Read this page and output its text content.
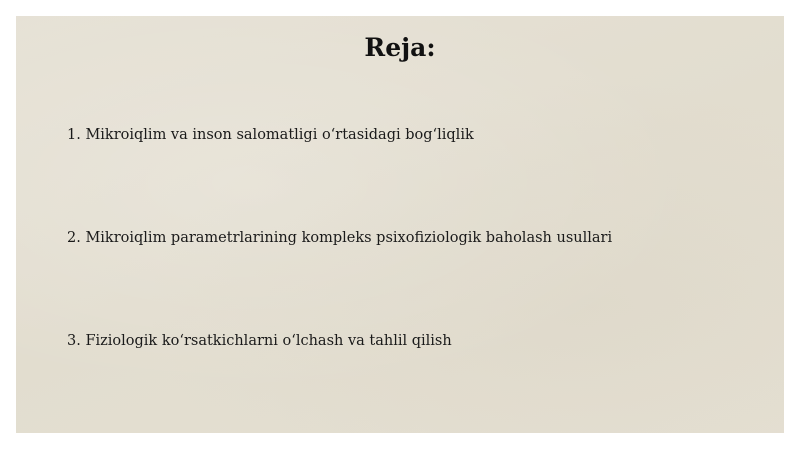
Reja:

1. Mikroiqlim va inson salomatligi o‘rtasidagi bog‘liqlik

2. Mikroiqlim parametrlarining kompleks psixofiziologik baholash usullari

3. Fiziologik ko‘rsatkichlarni o‘lchash va tahlil qilish
